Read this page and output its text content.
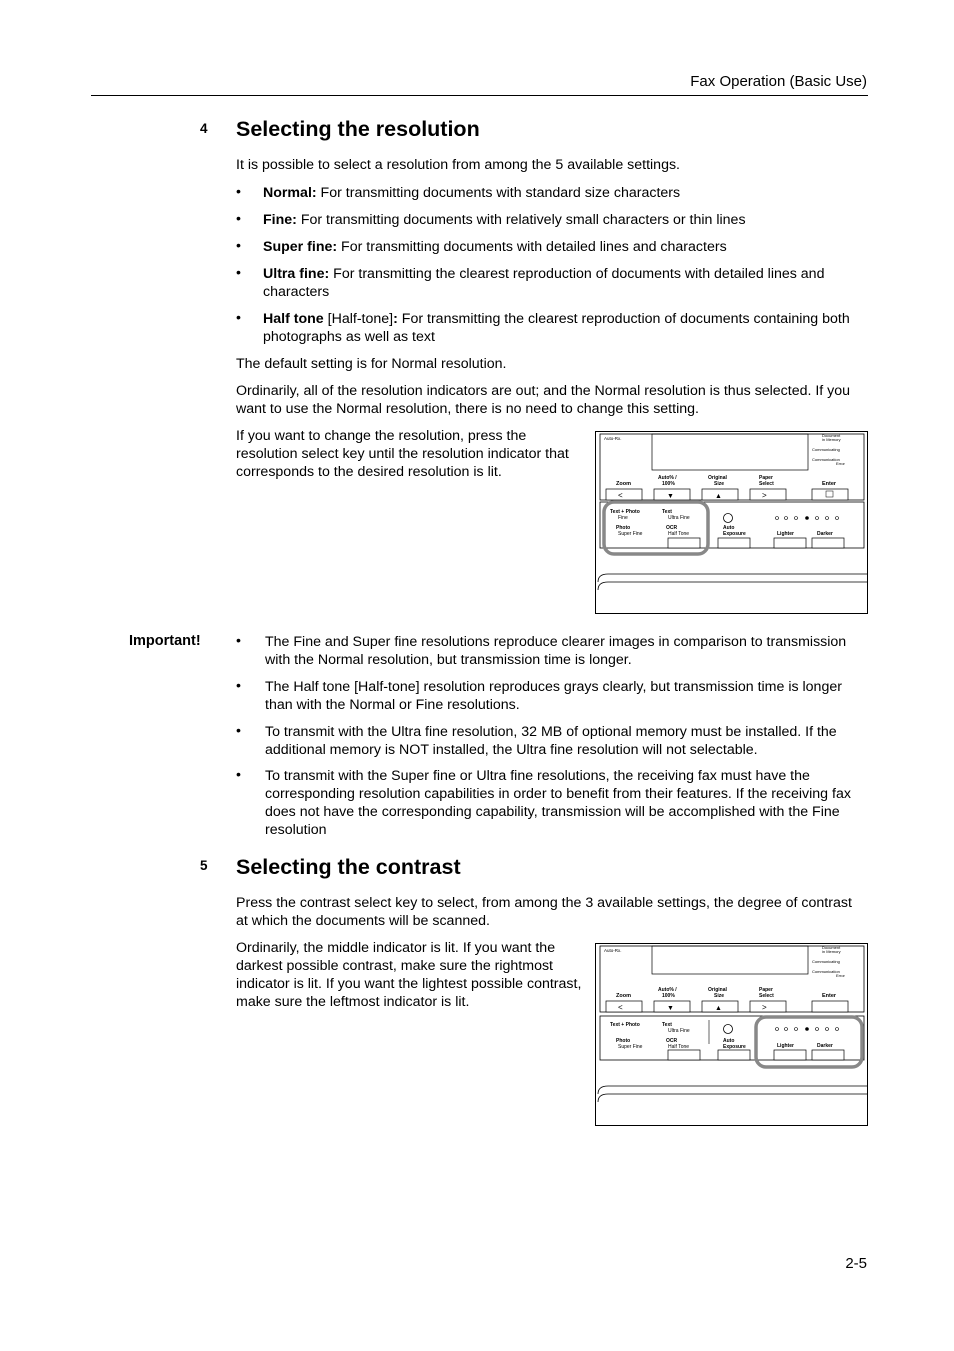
Fax Operation (Basic Use)
4 Selecting the resolution
It is possible to select a resolution from among the 5 available settings.
•	Normal: For transmitting documents with standard size characters
•	Fine: For transmitting documents with relatively small characters or thin lines
•	Super fine: For transmitting documents with detailed lines and characters
•	Ultra fine: For transmitting the clearest reproduction of documents with detailed lines and characters
•	Half tone [Half-tone]: For transmitting the clearest reproduction of documents containing both photographs as well as text
The default setting is for Normal resolution.
Ordinarily, all of the resolution indicators are out; and the Normal resolution is thus selected. If you want to use the Normal resolution, there is no need to change this setting.
If you want to change the resolution, press the resolution select key until the resolution indicator that corresponds to the desired resolution is lit.
Auto-Rx.
Document
in Memory
Communicating
Communication
Error
Zoom
Auto% /
100%
Original
Size
Paper
Select	Enter
<	▼	▲	>
Text + Photo
Fine
Text
Ultra Fine
Photo
Super Fine
OCR
Half Tone
Auto
Exposure	Lighter	Darker
Important! •	The Fine and Super fine resolutions reproduce clearer images in comparison to transmission with the Normal resolution, but transmission time is longer.
•	The Half tone [Half-tone] resolution reproduces grays clearly, but transmission time is longer than with the Normal or Fine resolutions.
•	To transmit with the Ultra fine resolution, 32 MB of optional memory must be installed. If the additional memory is NOT installed, the Ultra fine resolution will not selectable.
•	To transmit with the Super fine or Ultra fine resolutions, the receiving fax must have the corresponding resolution capabilities in order to benefit from their features. If the receiving fax does not have the corresponding capability, transmission will be accomplished with the Fine resolution
5 Selecting the contrast
Press the contrast select key to select, from among the 3 available settings, the degree of contrast at which the documents will be scanned.
Ordinarily, the middle indicator is lit. If you want the darkest possible contrast, make sure the rightmost indicator is lit. If you want the lightest possible contrast, make sure the leftmost indicator is lit.
Auto-Rx.
Document
in Memory
Communicating
Communication
Error
Zoom
Auto% /
100%
Original
Size
Paper
Select	Enter
<	▼	▲	>
Text + Photo	Text
Ultra Fine
Photo
Super Fine
OCR
Half Tone
Auto
Exposure	Lighter	Darker
2-5
